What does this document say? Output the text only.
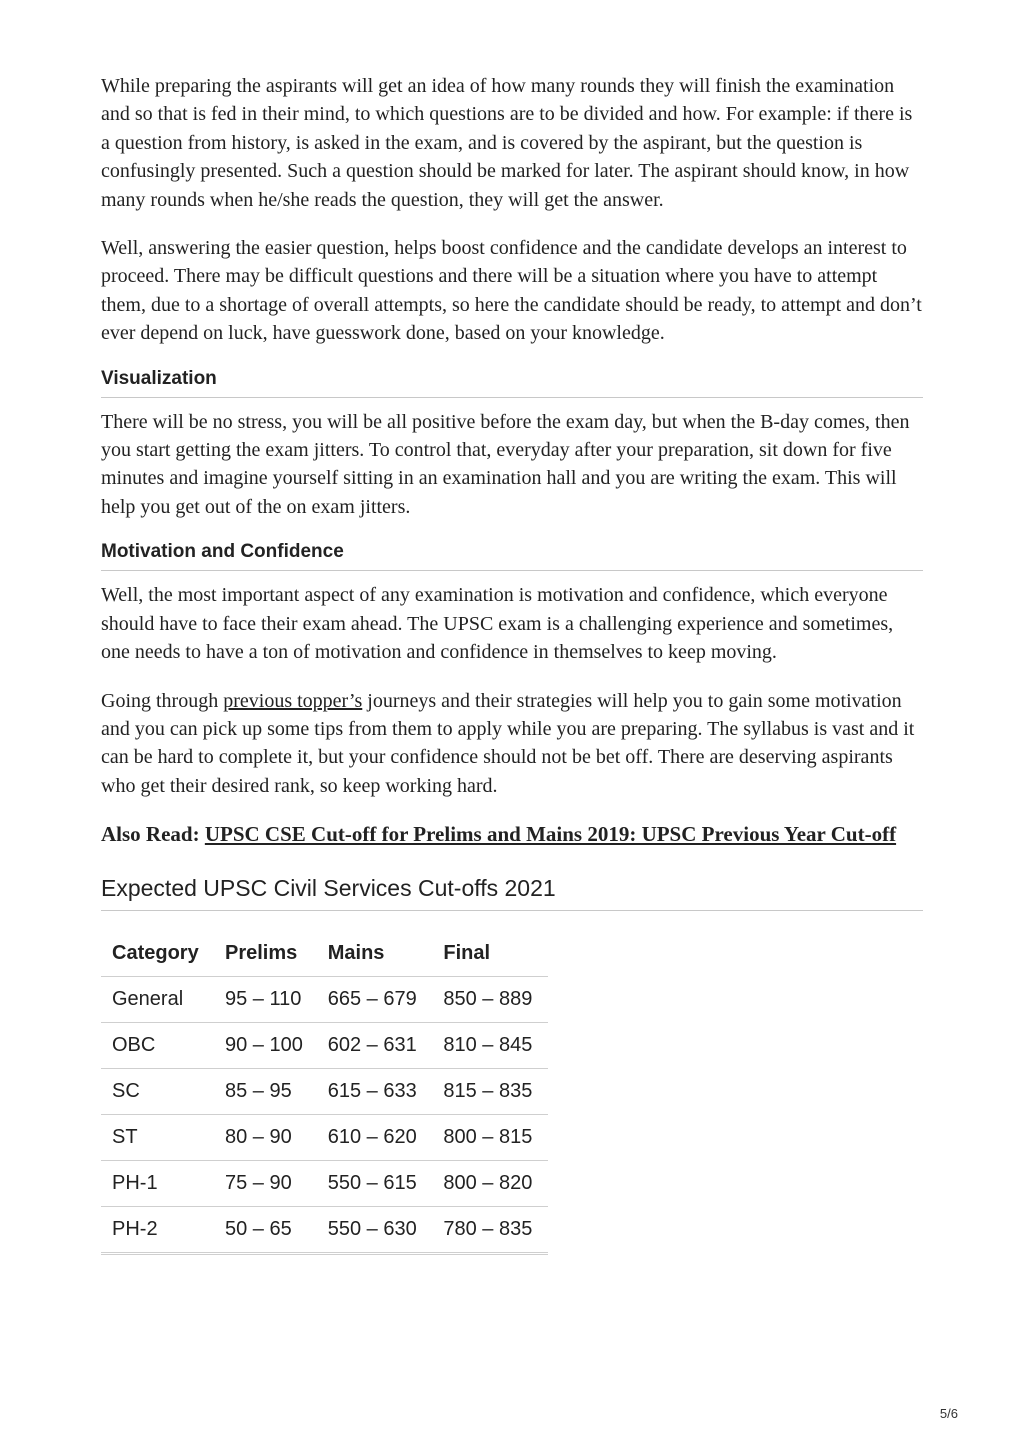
While preparing the aspirants will get an idea of how many rounds they will finish the examination and so that is fed in their mind, to which questions are to be divided and how. For example: if there is a question from history, is asked in the exam, and is covered by the aspirant, but the question is confusingly presented. Such a question should be marked for later. The aspirant should know, in how many rounds when he/she reads the question, they will get the answer.

Well, answering the easier question, helps boost confidence and the candidate develops an interest to proceed. There may be difficult questions and there will be a situation where you have to attempt them, due to a shortage of overall attempts, so here the candidate should be ready, to attempt and don’t ever depend on luck, have guesswork done, based on your knowledge.

Visualization

There will be no stress, you will be all positive before the exam day, but when the B-day comes, then you start getting the exam jitters. To control that, everyday after your preparation, sit down for five minutes and imagine yourself sitting in an examination hall and you are writing the exam. This will help you get out of the on exam jitters.

Motivation and Confidence

Well, the most important aspect of any examination is motivation and confidence, which everyone should have to face their exam ahead. The UPSC exam is a challenging experience and sometimes, one needs to have a ton of motivation and confidence in themselves to keep moving.

Going through previous topper’s journeys and their strategies will help you to gain some motivation and you can pick up some tips from them to apply while you are preparing. The syllabus is vast and it can be hard to complete it, but your confidence should not be bet off. There are deserving aspirants who get their desired rank, so keep working hard.

Also Read: UPSC CSE Cut-off for Prelims and Mains 2019: UPSC Previous Year Cut-off

Expected UPSC Civil Services Cut-offs 2021
Category	Prelims	Mains	Final
General	95 – 110	665 – 679	850 – 889
OBC	90 – 100	602 – 631	810 – 845
SC	85 – 95	615 – 633	815 – 835
ST	80 – 90	610 – 620	800 – 815
PH-1	75 – 90	550 – 615	800 – 820
PH-2	50 – 65	550 – 630	780 – 835
5/6
